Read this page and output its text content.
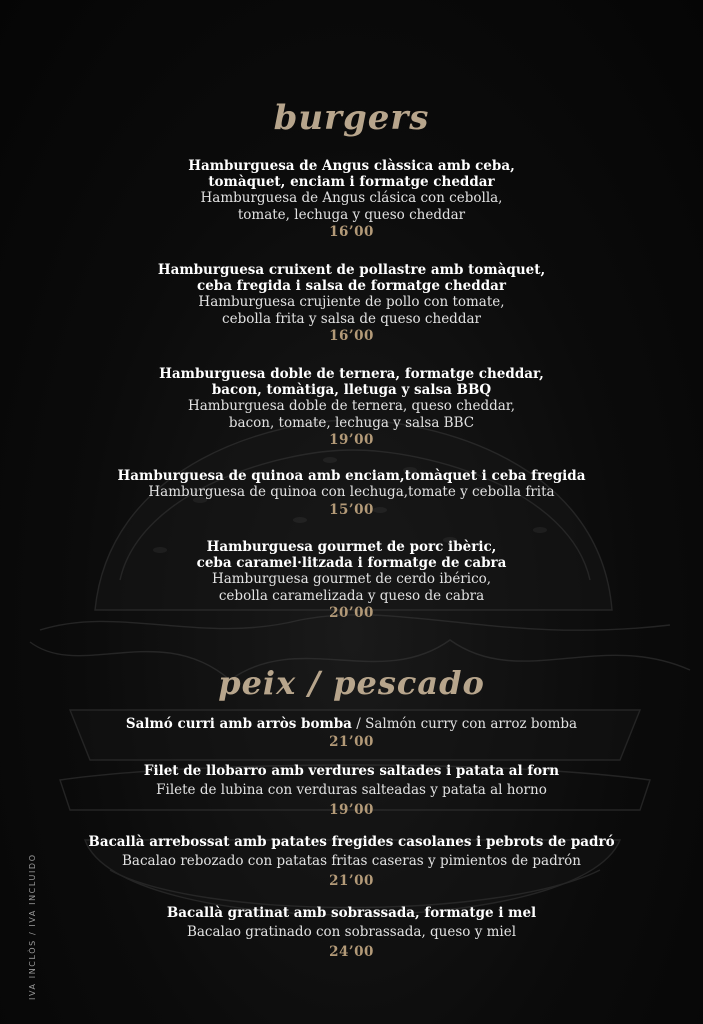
IVA INCLÒS / IVA INCLUIDO
burgers
Hamburguesa de Angus clàssica amb ceba,
tomàquet, enciam i formatge cheddar
Hamburguesa de Angus clásica con cebolla,
tomate, lechuga y queso cheddar
16’00
Hamburguesa cruixent de pollastre amb tomàquet,
ceba fregida i salsa de formatge cheddar
Hamburguesa crujiente de pollo con tomate,
cebolla frita y salsa de queso cheddar
16’00
Hamburguesa doble de ternera, formatge cheddar,
bacon, tomàtiga, lletuga y salsa BBQ
Hamburguesa doble de ternera, queso cheddar,
bacon, tomate, lechuga y salsa BBC
19’00
Hamburguesa de quinoa amb enciam,tomàquet i ceba fregida
Hamburguesa de quinoa con lechuga,tomate y cebolla frita
15’00
Hamburguesa gourmet de porc ibèric,
ceba caramel·litzada i formatge de cabra
Hamburguesa gourmet de cerdo ibérico,
cebolla caramelizada y queso de cabra
20’00
peix / pescado
Salmó curri amb arròs bomba / Salmón curry con arroz bomba
21’00
Filet de llobarro amb verdures saltades i patata al forn
Filete de lubina con verduras salteadas y patata al horno
19’00
Bacallà arrebossat amb patates fregides casolanes i pebrots de padró
Bacalao rebozado con patatas fritas caseras y pimientos de padrón
21’00
Bacallà gratinat amb sobrassada, formatge i mel
Bacalao gratinado con sobrassada, queso y miel
24’00
